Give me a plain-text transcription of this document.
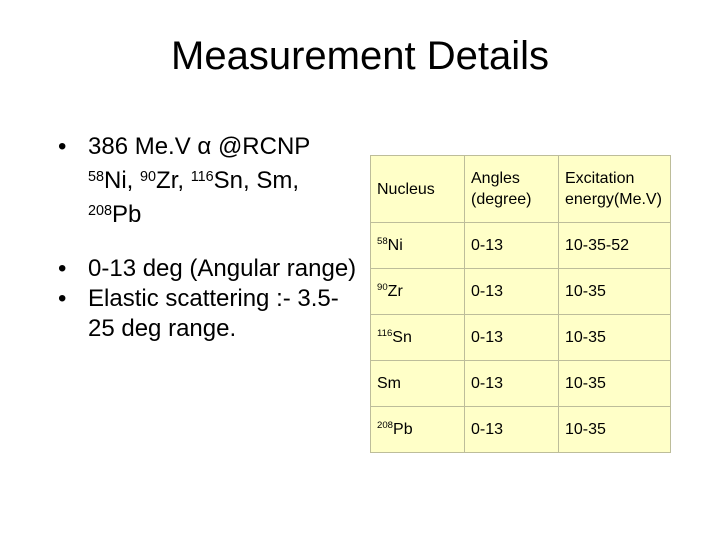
Measurement Details
• 386 Me.V α @RCNP
$^{58}$Ni, $^{90}$Zr, $^{116}$Sn, Sm,
$^{208}$Pb
• 0-13 deg (Angular range)
• Elastic scattering :- 3.5-25 deg range.
Nucleus	Angles (degree)	Excitation energy(Me.V)
$^{58}$Ni	0-13	10-35-52
$^{90}$Zr	0-13	10-35
$^{116}$Sn	0-13	10-35
Sm	0-13	10-35
$^{208}$Pb	0-13	10-35
